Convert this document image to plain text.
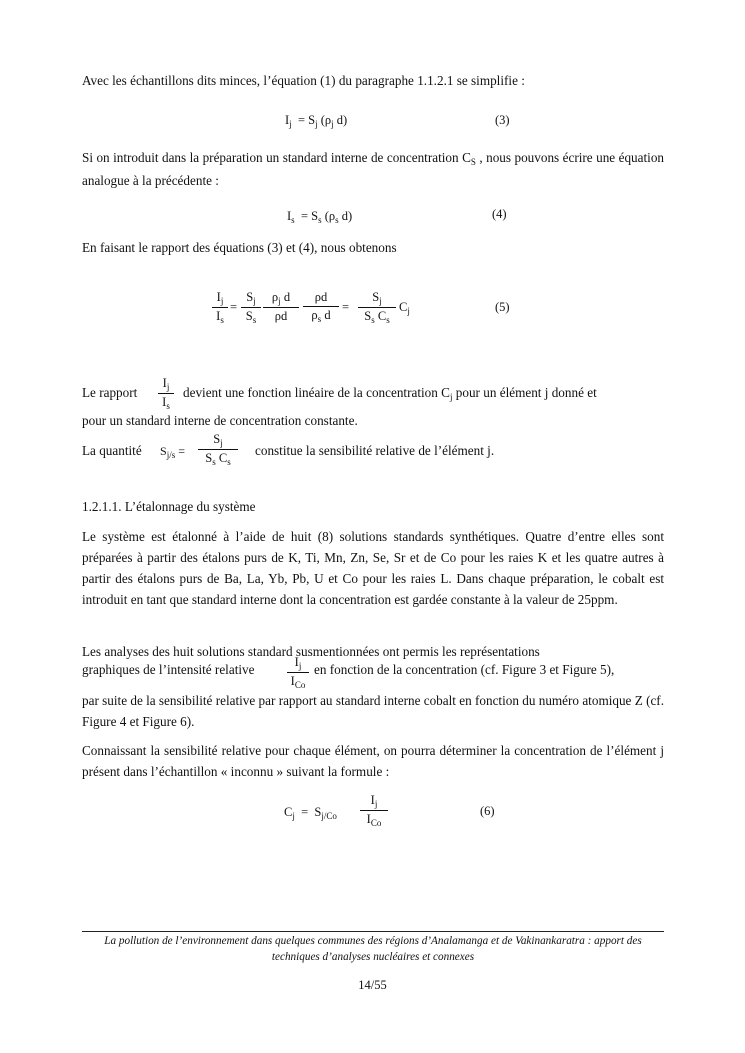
Avec les échantillons dits minces, l’équation (1) du paragraphe 1.1.2.1 se simplifie :
$I_j = S_j$ ($\rho_j$ d)	(3)
Si on introduit dans la préparation un standard interne de concentration $C_S$ , nous pouvons écrire une équation analogue à la précédente :
$I_s = S_s$ ($\rho_s$ d)	(4)
En faisant le rapport des équations (3) et (4), nous obtenons
$I_j$
$I_s$
=
$S_j$
$S_s$
$\rho_j$ d
ρd
ρd
$\rho_s$ d
=
$S_j$
$S_s$ $C_s$
$C_j$	(5)
Le rapport
$I_j$
$I_s$
devient une fonction linéaire de la concentration $C_j$ pour un élément j donné et
pour un standard interne de concentration constante.
La quantité $S_{j/s}$ =
$S_j$
$S_s$ $C_s$
constitue la sensibilité relative de l’élément j.
1.2.1.1. L’étalonnage du système
Le système est étalonné à l’aide de huit (8) solutions standards synthétiques. Quatre d’entre elles sont préparées à partir des étalons purs de K, Ti, Mn, Zn, Se, Sr et de Co pour les raies K et les quatre autres à partir des étalons purs de Ba, La, Yb, Pb, U et Co pour les raies L. Dans chaque préparation, le cobalt est introduit en tant que standard interne dont la concentration est gardée constante à la valeur de 25ppm.
Les analyses des huit solutions standard susmentionnées ont permis les représentations
graphiques de l’intensité relative	$I_j$
$I_{Co}$
en fonction de la concentration (cf. Figure 3 et Figure 5),
par suite de la sensibilité relative par rapport au standard interne cobalt en fonction du numéro atomique Z (cf. Figure 4 et Figure 6).
Connaissant la sensibilité relative pour chaque élément, on pourra déterminer la concentration de l’élément j présent dans l’échantillon « inconnu » suivant la formule :
$C_j = S_{j/Co}$
$I_j$
$I_{Co}$
(6)
La pollution de l’environnement dans quelques communes des régions d’Analamanga et de Vakinankaratra : apport des techniques d’analyses nucléaires et connexes
14/55
